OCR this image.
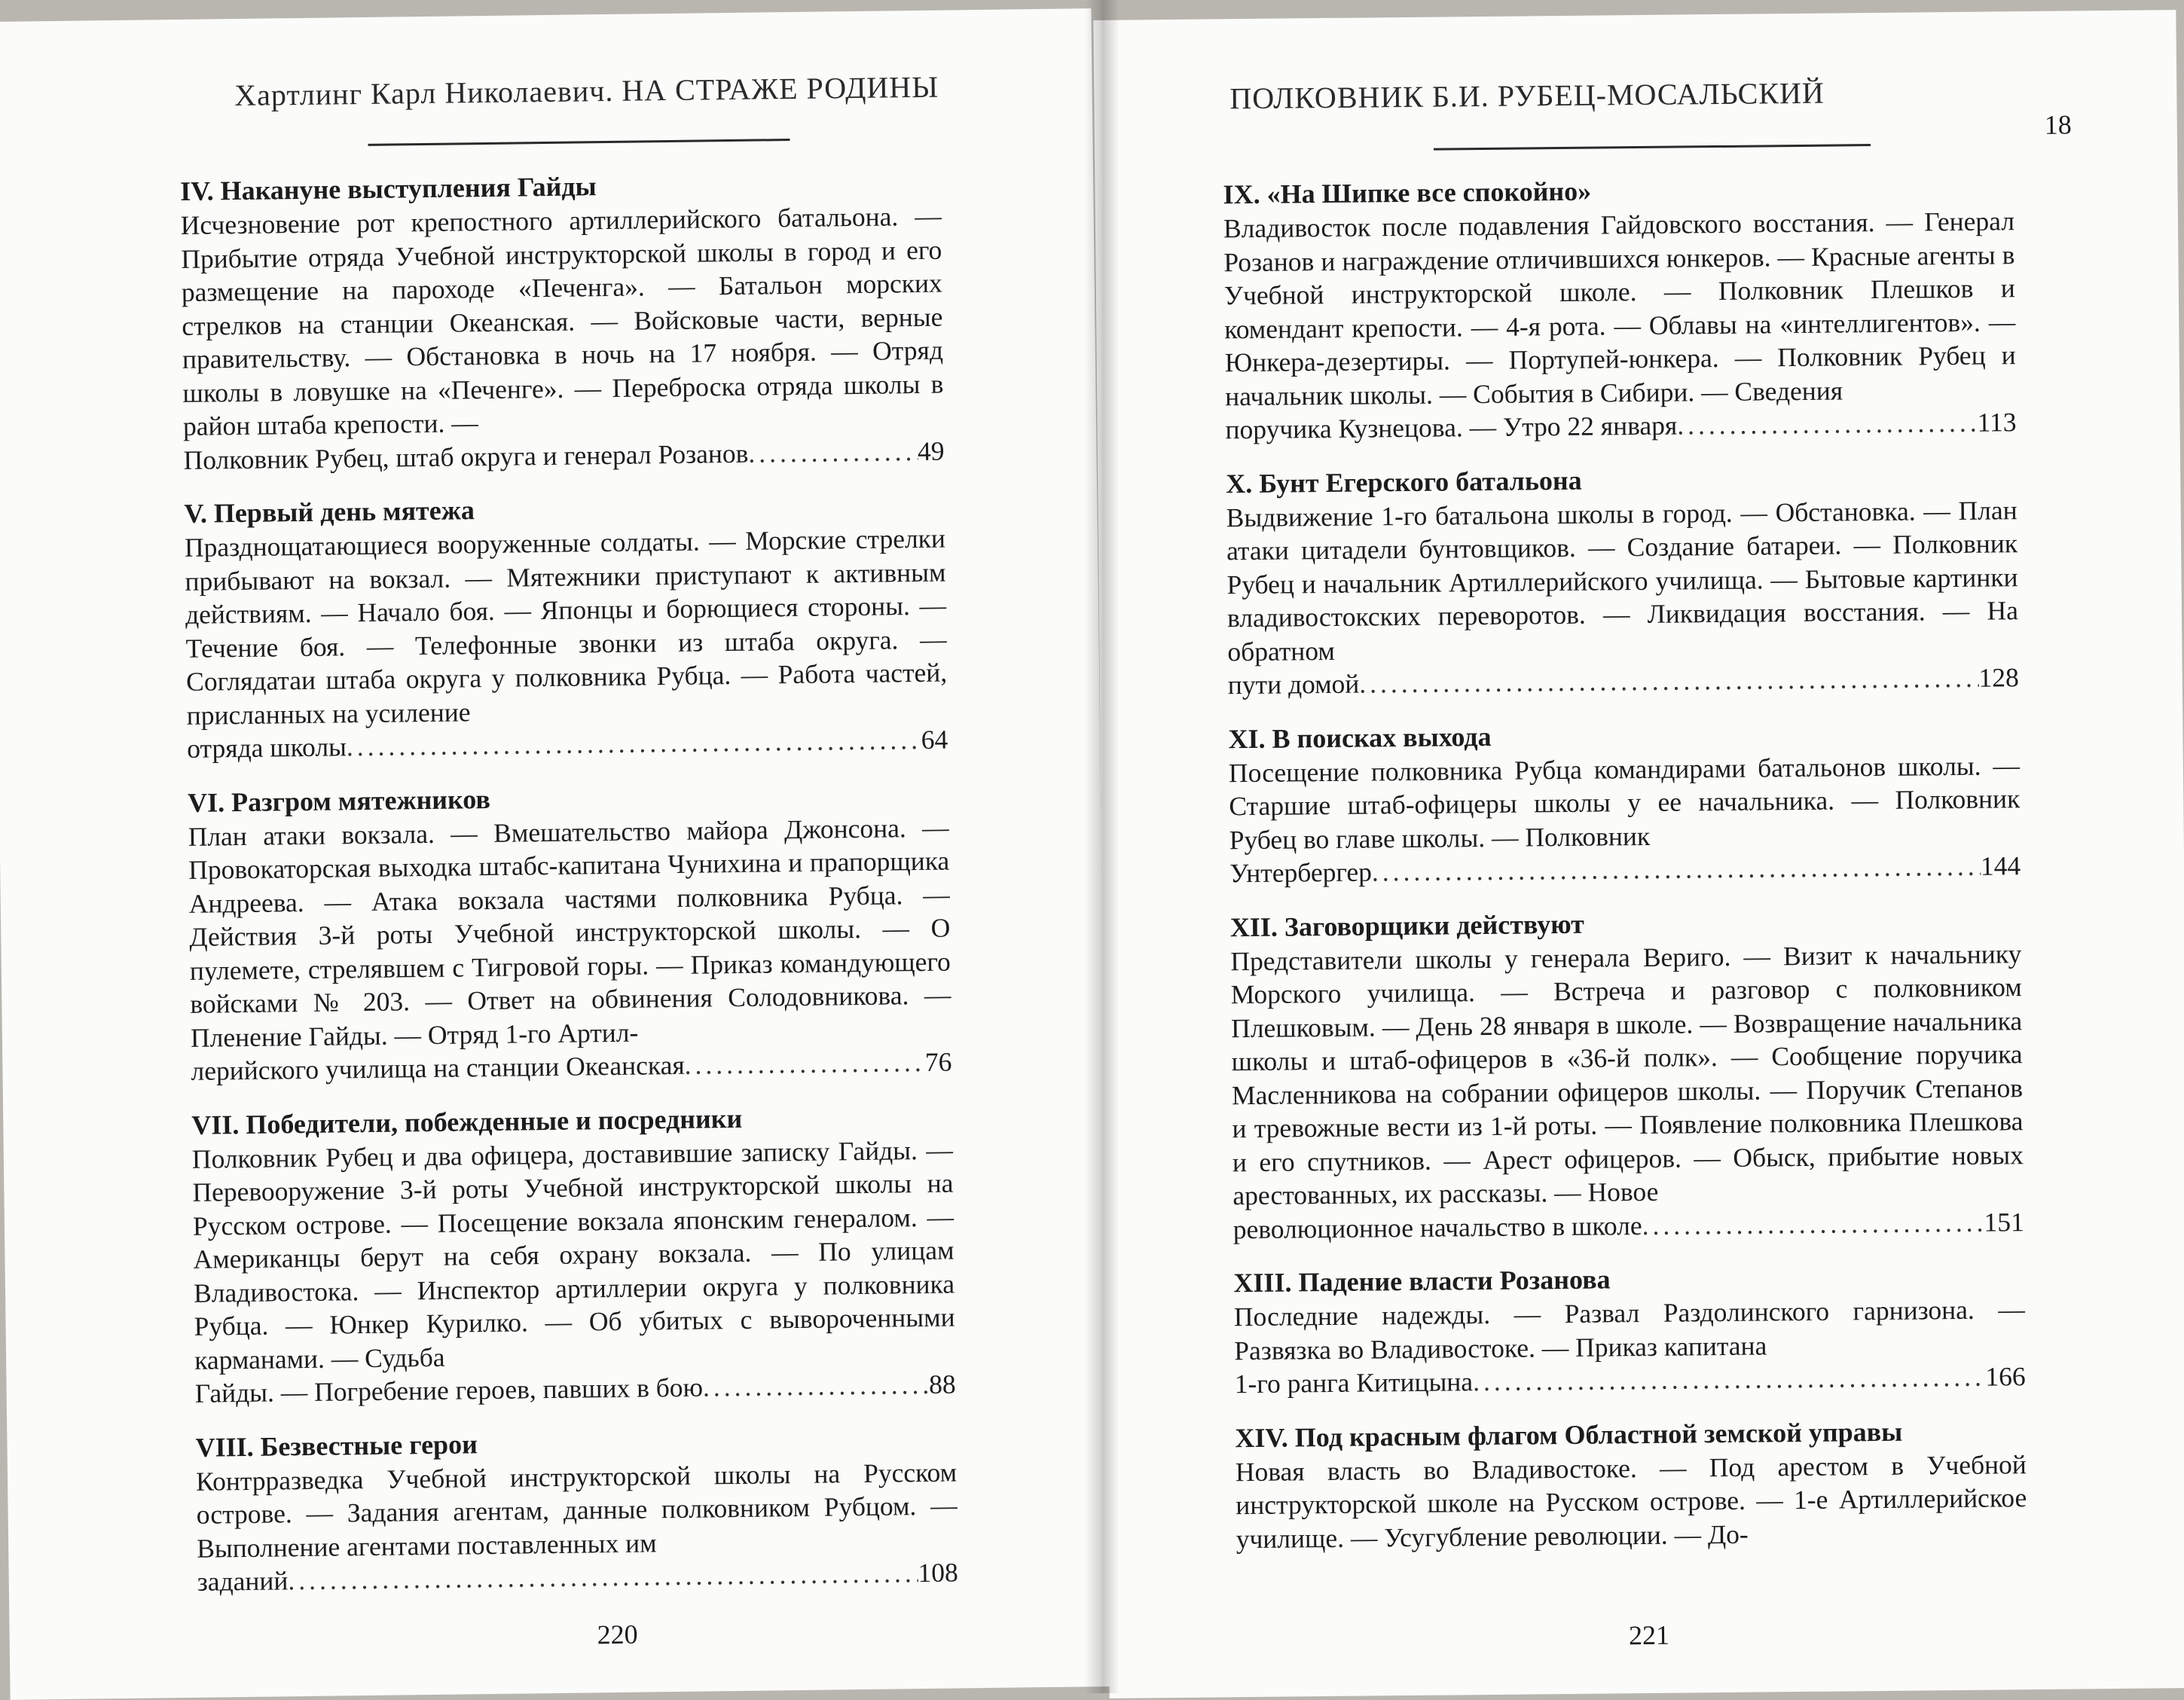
Хартлинг Карл Николаевич. НА СТРАЖЕ РОДИНЫ

IV. Накануне выступления Гайды

Исчезновение рот крепостного артиллерийского батальона. — Прибытие отряда Учебной инструкторской школы в город и его размещение на пароходе «Печенга». — Батальон морских стрелков на станции Океанская. — Войсковые части, верные правительству. — Обстановка в ночь на 17 ноября. — Отряд школы в ловушке на «Печенге». — Переброска отряда школы в район штаба крепости. —
Полковник Рубец, штаб округа и генерал Розанов .....	49

V. Первый день мятежа

Празднощатающиеся вооруженные солдаты. — Морские стрелки прибывают на вокзал. — Мятежники приступают к активным действиям. — Начало боя. — Японцы и борющиеся стороны. — Течение боя. — Телефонные звонки из штаба округа. — Соглядатаи штаба округа у полковника Рубца. — Работа частей, присланных на усиление
отряда школы .....	64

VI. Разгром мятежников

План атаки вокзала. — Вмешательство майора Джонсона. — Провокаторская выходка штабс-капитана Чунихина и прапорщика Андреева. — Атака вокзала частями полковника Рубца. — Действия 3-й роты Учебной инструкторской школы. — О пулемете, стрелявшем с Тигровой горы. — Приказ командующего войсками № 203. — Ответ на обвинения Солодовникова. — Пленение Гайды. — Отряд 1-го Артил-
лерийского училища на станции Океанская .....	76

VII. Победители, побежденные и посредники

Полковник Рубец и два офицера, доставившие записку Гайды. — Перевооружение 3-й роты Учебной инструкторской школы на Русском острове. — Посещение вокзала японским генералом. — Американцы берут на себя охрану вокзала. — По улицам Владивостока. — Инспектор артиллерии округа у полковника Рубца. — Юнкер Курилко. — Об убитых с вывороченными карманами. — Судьба
Гайды. — Погребение героев, павших в бою .....	88

VIII. Безвестные герои

Контрразведка Учебной инструкторской школы на Русском острове. — Задания агентам, данные полковником Рубцом. — Выполнение агентами поставленных им
заданий .....	108
220
ПОЛКОВНИК Б.И. РУБЕЦ-МОСАЛЬСКИЙ
18

IX. «На Шипке все спокойно»

Владивосток после подавления Гайдовского восстания. — Генерал Розанов и награждение отличившихся юнкеров. — Красные агенты в Учебной инструкторской школе. — Полковник Плешков и комендант крепости. — 4-я рота. — Облавы на «интеллигентов». — Юнкера-дезертиры. — Портупей-юнкера. — Полковник Рубец и начальник школы. — События в Сибири. — Сведения
поручика Кузнецова. — Утро 22 января .....	113

X. Бунт Егерского батальона

Выдвижение 1-го батальона школы в город. — Обстановка. — План атаки цитадели бунтовщиков. — Создание батареи. — Полковник Рубец и начальник Артиллерийского училища. — Бытовые картинки владивостокских переворотов. — Ликвидация восстания. — На обратном
пути домой .....	128

XI. В поисках выхода

Посещение полковника Рубца командирами батальонов школы. — Старшие штаб-офицеры школы у ее начальника. — Полковник Рубец во главе школы. — Полковник
Унтербергер .....	144

XII. Заговорщики действуют

Представители школы у генерала Вериго. — Визит к начальнику Морского училища. — Встреча и разговор с полковником Плешковым. — День 28 января в школе. — Возвращение начальника школы и штаб-офицеров в «36-й полк». — Сообщение поручика Масленникова на собрании офицеров школы. — Поручик Степанов и тревожные вести из 1-й роты. — Появление полковника Плешкова и его спутников. — Арест офицеров. — Обыск, прибытие новых арестованных, их рассказы. — Новое
революционное начальство в школе .....	151

XIII. Падение власти Розанова

Последние надежды. — Развал Раздолинского гарнизона. — Развязка во Владивостоке. — Приказ капитана
1-го ранга Китицына .....	166

XIV. Под красным флагом Областной земской управы

Новая власть во Владивостоке. — Под арестом в Учебной инструкторской школе на Русском острове. — 1-е Артиллерийское училище. — Усугубление революции. — До-
221
